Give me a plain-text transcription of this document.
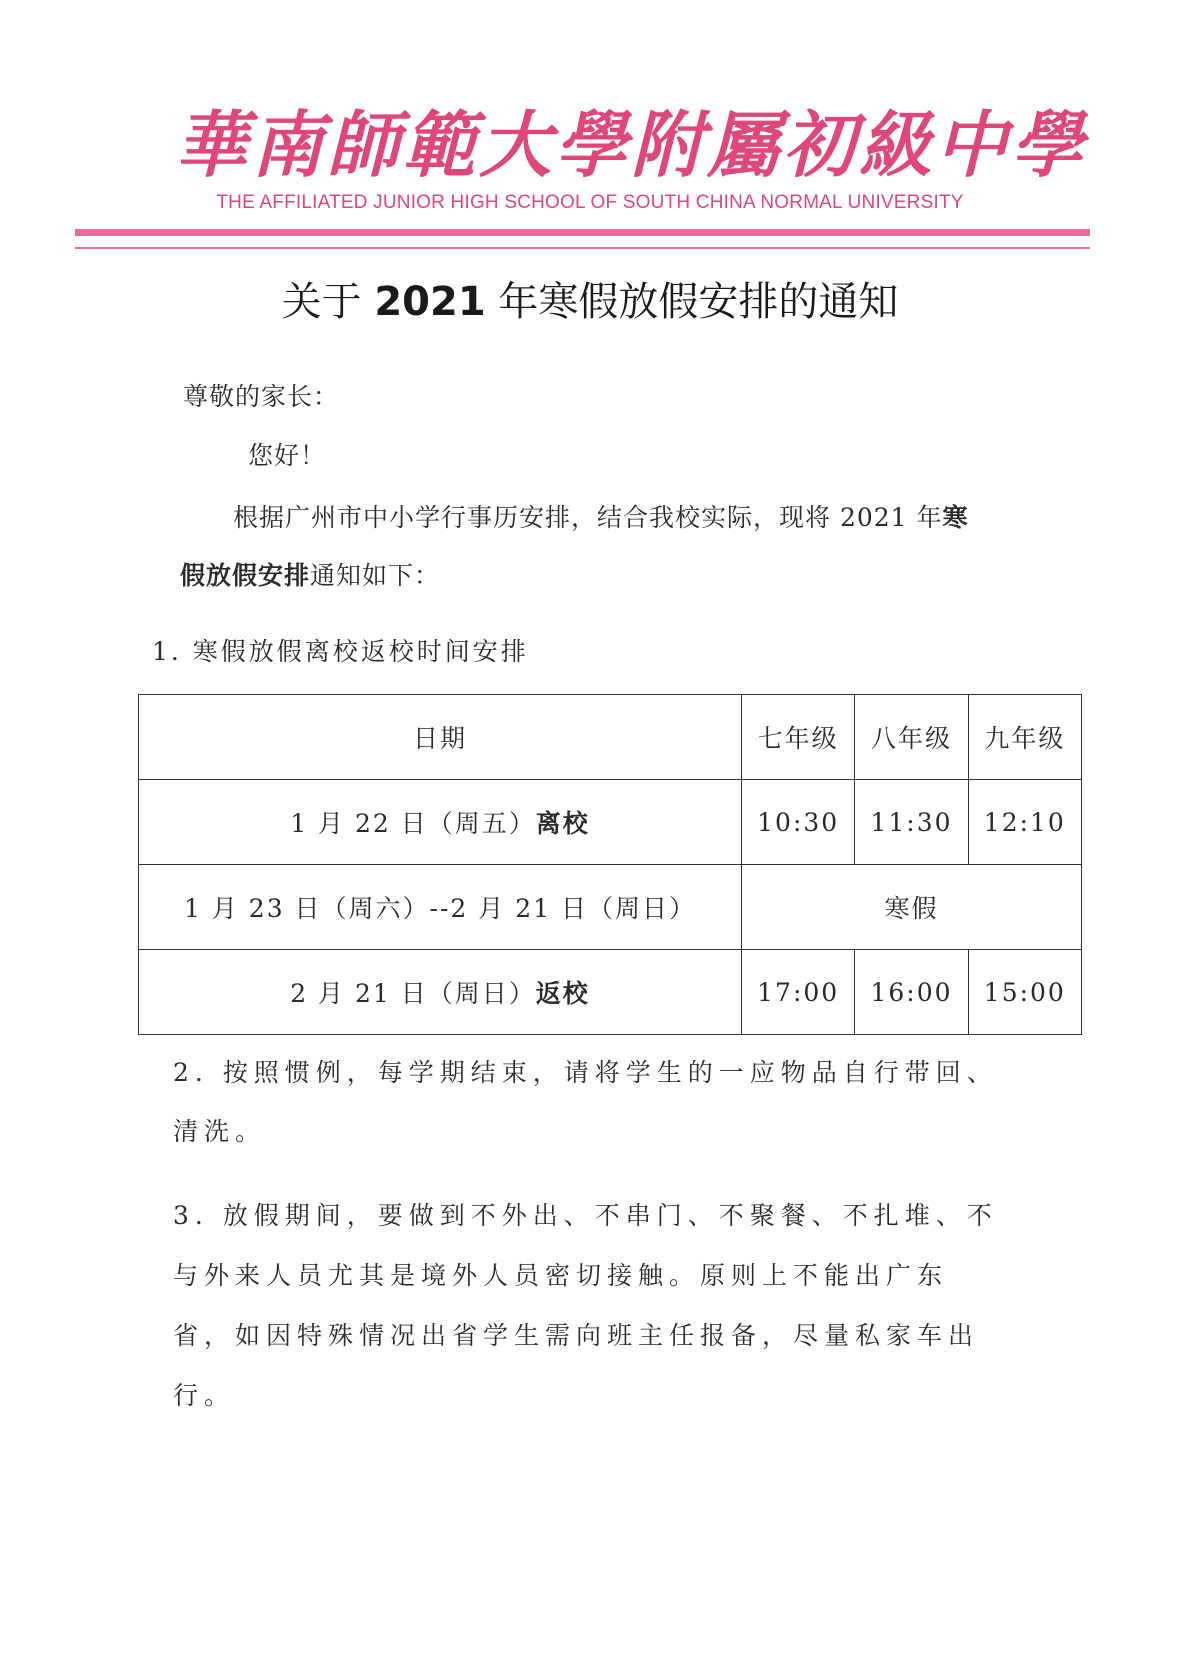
華南師範大學附屬初級中學
THE AFFILIATED JUNIOR HIGH SCHOOL OF SOUTH CHINA NORMAL UNIVERSITY
关于 2021 年寒假放假安排的通知
尊敬的家长：
您好！
根据广州市中小学行事历安排，结合我校实际，现将 2021 年寒
假放假安排通知如下：
1. 寒假放假离校返校时间安排
日期	七年级	八年级	九年级
1 月 22 日（周五）离校	10:30	11:30	12:10
1 月 23 日（周六）--2 月 21 日（周日）	寒假		
2 月 21 日（周日）返校	17:00	16:00	15:00
2. 按照惯例，每学期结束，请将学生的一应物品自行带回、
清洗。
3. 放假期间，要做到不外出、不串门、不聚餐、不扎堆、不
与外来人员尤其是境外人员密切接触。原则上不能出广东
省，如因特殊情况出省学生需向班主任报备，尽量私家车出
行。
